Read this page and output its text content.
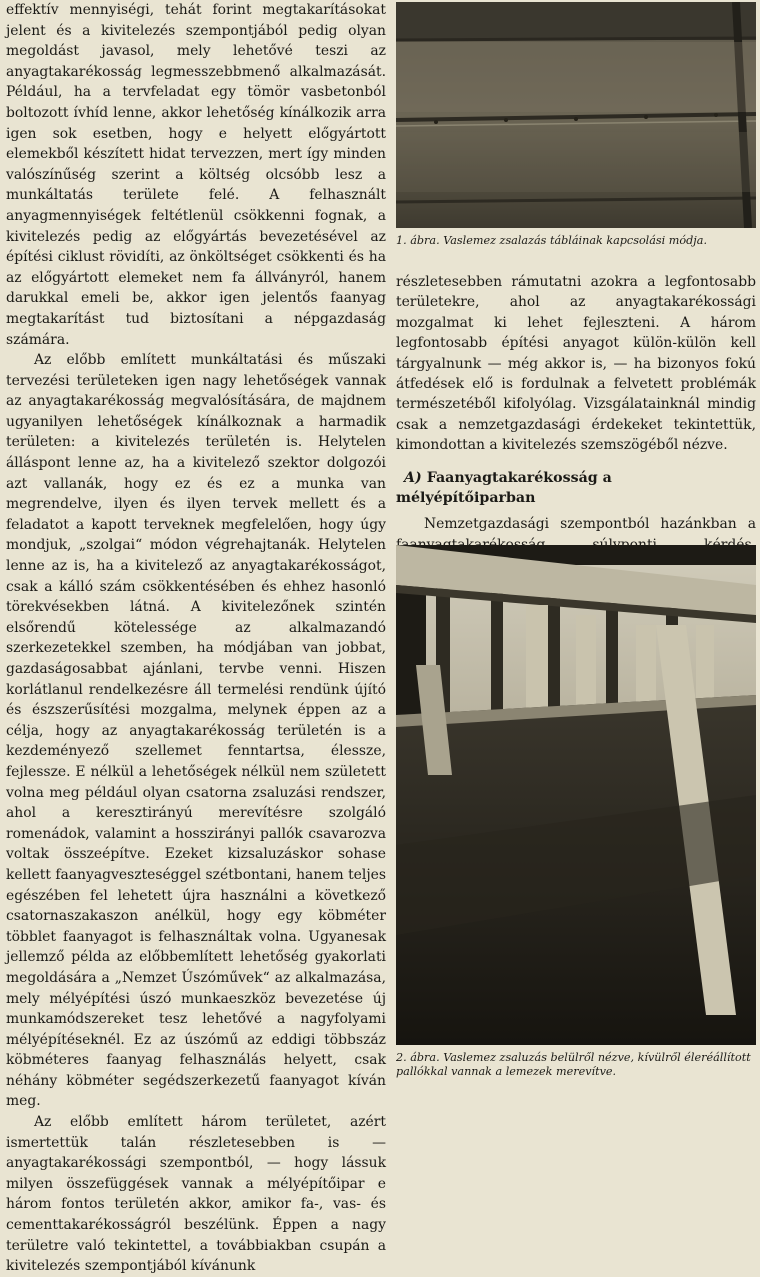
effektív mennyiségi, tehát forint megtakarításokat jelent és a kivitelezés szempontjából pedig olyan megoldást javasol, mely lehetővé teszi az anyagtakarékosság legmesszebbmenő alkalmazását. Például, ha a tervfeladat egy tömör vasbetonból boltozott ívhíd lenne, akkor lehetőség kínálkozik arra igen sok esetben, hogy e helyett előgyártott elemekből készített hidat tervezzen, mert így minden valószínűség szerint a költség olcsóbb lesz a munkáltatás területe felé. A felhasznált anyagmennyiségek feltétlenül csökkenni fognak, a kivitelezés pedig az előgyártás bevezetésével az építési ciklust rövidíti, az önköltséget csökkenti és ha az előgyártott elemeket nem fa állványról, hanem darukkal emeli be, akkor igen jelentős faanyag megtakarítást tud biztosítani a népgazdaság számára.

Az előbb említett munkáltatási és műszaki tervezési területeken igen nagy lehetőségek vannak az anyagtakarékosság megvalósítására, de majdnem ugyanilyen lehetőségek kínálkoznak a harmadik területen: a kivitelezés területén is. Helytelen álláspont lenne az, ha a kivitelező szektor dolgozói azt vallanák, hogy ez és ez a munka van megrendelve, ilyen és ilyen tervek mellett és a feladatot a kapott terveknek megfelelően, hogy úgy mondjuk, „szolgai“ módon végrehajtanák. Helytelen lenne az is, ha a kivitelező az anyagtakarékosságot, csak a kálló szám csökkentésében és ehhez hasonló törekvésekben látná. A kivitelezőnek szintén elsőrendű kötelessége az alkalmazandó szerkezetekkel szemben, ha módjában van jobbat, gazdaságosabbat ajánlani, tervbe venni. Hiszen korlátlanul rendelkezésre áll termelési rendünk újító és észszerűsítési mozgalma, melynek éppen az a célja, hogy az anyagtakarékosság területén is a kezdeményező szellemet fenntartsa, élessze, fejlessze. E nélkül a lehetőségek nélkül nem született volna meg például olyan csatorna zsaluzási rendszer, ahol a keresztirányú merevítésre szolgáló romenádok, valamint a hosszirányi pallók csavarozva voltak összeépítve. Ezeket kizsaluzáskor sohase kellett faanyagveszteséggel szétbontani, hanem teljes egészében fel lehetett újra használni a következő csatornaszakaszon anélkül, hogy egy köbméter többlet faanyagot is felhasználtak volna. Ugyanesak jellemző példa az előbbemlített lehetőség gyakorlati megoldására a „Nemzet Úszóművek“ az alkalmazása, mely mélyépítési úszó munkaeszköz bevezetése új munkamódszereket tesz lehetővé a nagyfolyami mélyépítéseknél. Ez az úszómű az eddigi többszáz köbméteres faanyag felhasználás helyett, csak néhány köbméter segédszerkezetű faanyagot kíván meg.

Az előbb említett három területet, azért ismertettük talán részletesebben is — anyagtakarékossági szempontból, — hogy lássuk milyen összefüggések vannak a mélyépítőipar e három fontos területén akkor, amikor fa-, vas- és cementtakarékosságról beszélünk. Éppen a nagy területre való tekintettel, a továbbiakban csupán a kivitelezés szempontjából kívánunk

1. ábra. Vaslemez zsalazás tábláinak kapcsolási módja.

részletesebben rámutatni azokra a legfontosabb területekre, ahol az anyagtakarékossági mozgalmat ki lehet fejleszteni. A három legfontosabb építési anyagot külön-külön kell tárgyalnunk — még akkor is, — ha bizonyos fokú átfedések elő is fordulnak a felvetett problémák természetéből kifolyólag. Vizsgálatainknál mindig csak a nemzetgazdasági érdekeket tekintettük, kimondottan a kivitelezés szemszögéből nézve.

A) Faanyagtakarékosság a mélyépítőiparban

Nemzetgazdasági szempontból hazánkban a

2. ábra. Vaslemez zsaluzás belülről nézve, kívülről éleréállított pallókkal vannak a lemezek merevítve.
